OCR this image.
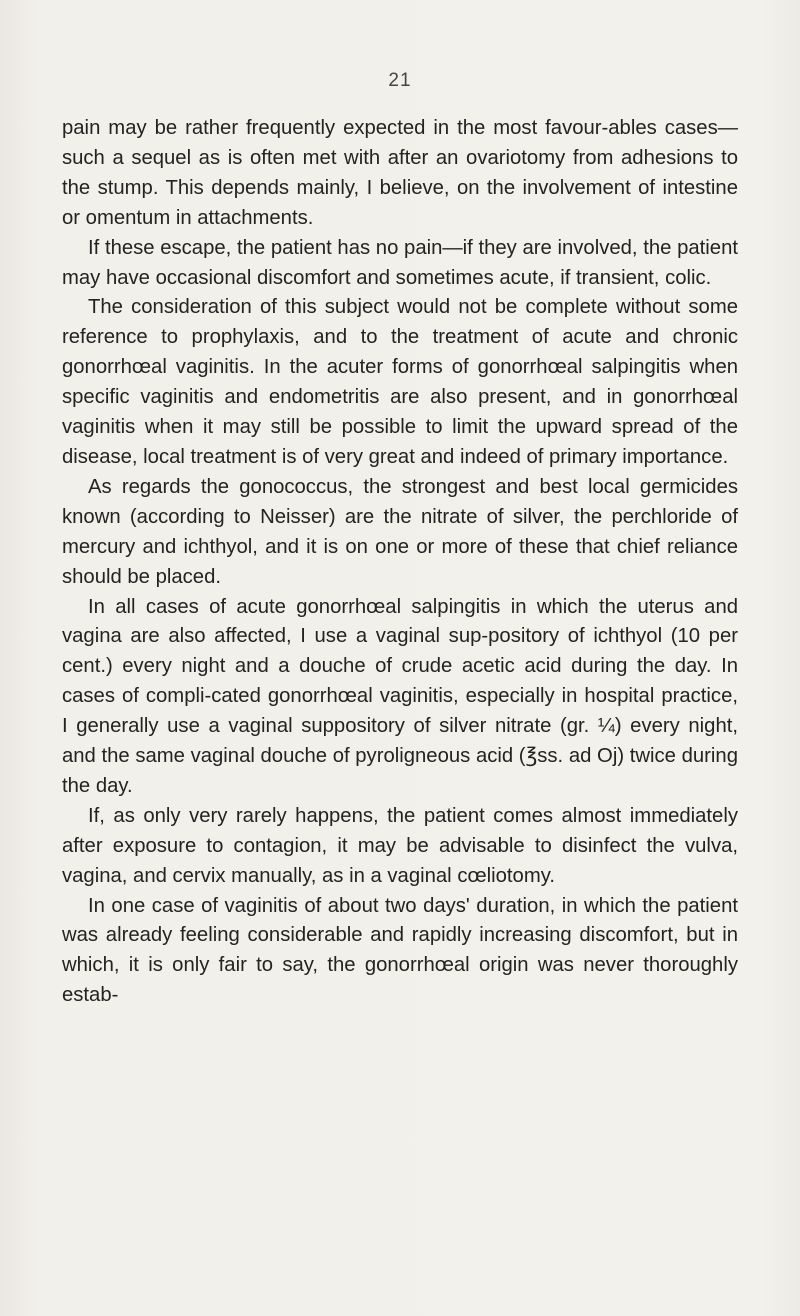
21

pain may be rather frequently expected in the most favour-ables cases—such a sequel as is often met with after an ovariotomy from adhesions to the stump. This depends mainly, I believe, on the involvement of intestine or omentum in attachments.

If these escape, the patient has no pain—if they are involved, the patient may have occasional discomfort and sometimes acute, if transient, colic.

The consideration of this subject would not be complete without some reference to prophylaxis, and to the treatment of acute and chronic gonorrhœal vaginitis. In the acuter forms of gonorrhœal salpingitis when specific vaginitis and endometritis are also present, and in gonorrhœal vaginitis when it may still be possible to limit the upward spread of the disease, local treatment is of very great and indeed of primary importance.

As regards the gonococcus, the strongest and best local germicides known (according to Neisser) are the nitrate of silver, the perchloride of mercury and ichthyol, and it is on one or more of these that chief reliance should be placed.

In all cases of acute gonorrhœal salpingitis in which the uterus and vagina are also affected, I use a vaginal sup-pository of ichthyol (10 per cent.) every night and a douche of crude acetic acid during the day. In cases of compli-cated gonorrhœal vaginitis, especially in hospital practice, I generally use a vaginal suppository of silver nitrate (gr. ¼) every night, and the same vaginal douche of pyroligneous acid (℥ss. ad Oj) twice during the day.

If, as only very rarely happens, the patient comes almost immediately after exposure to contagion, it may be advisable to disinfect the vulva, vagina, and cervix manually, as in a vaginal cœliotomy.

In one case of vaginitis of about two days' duration, in which the patient was already feeling considerable and rapidly increasing discomfort, but in which, it is only fair to say, the gonorrhœal origin was never thoroughly estab-
